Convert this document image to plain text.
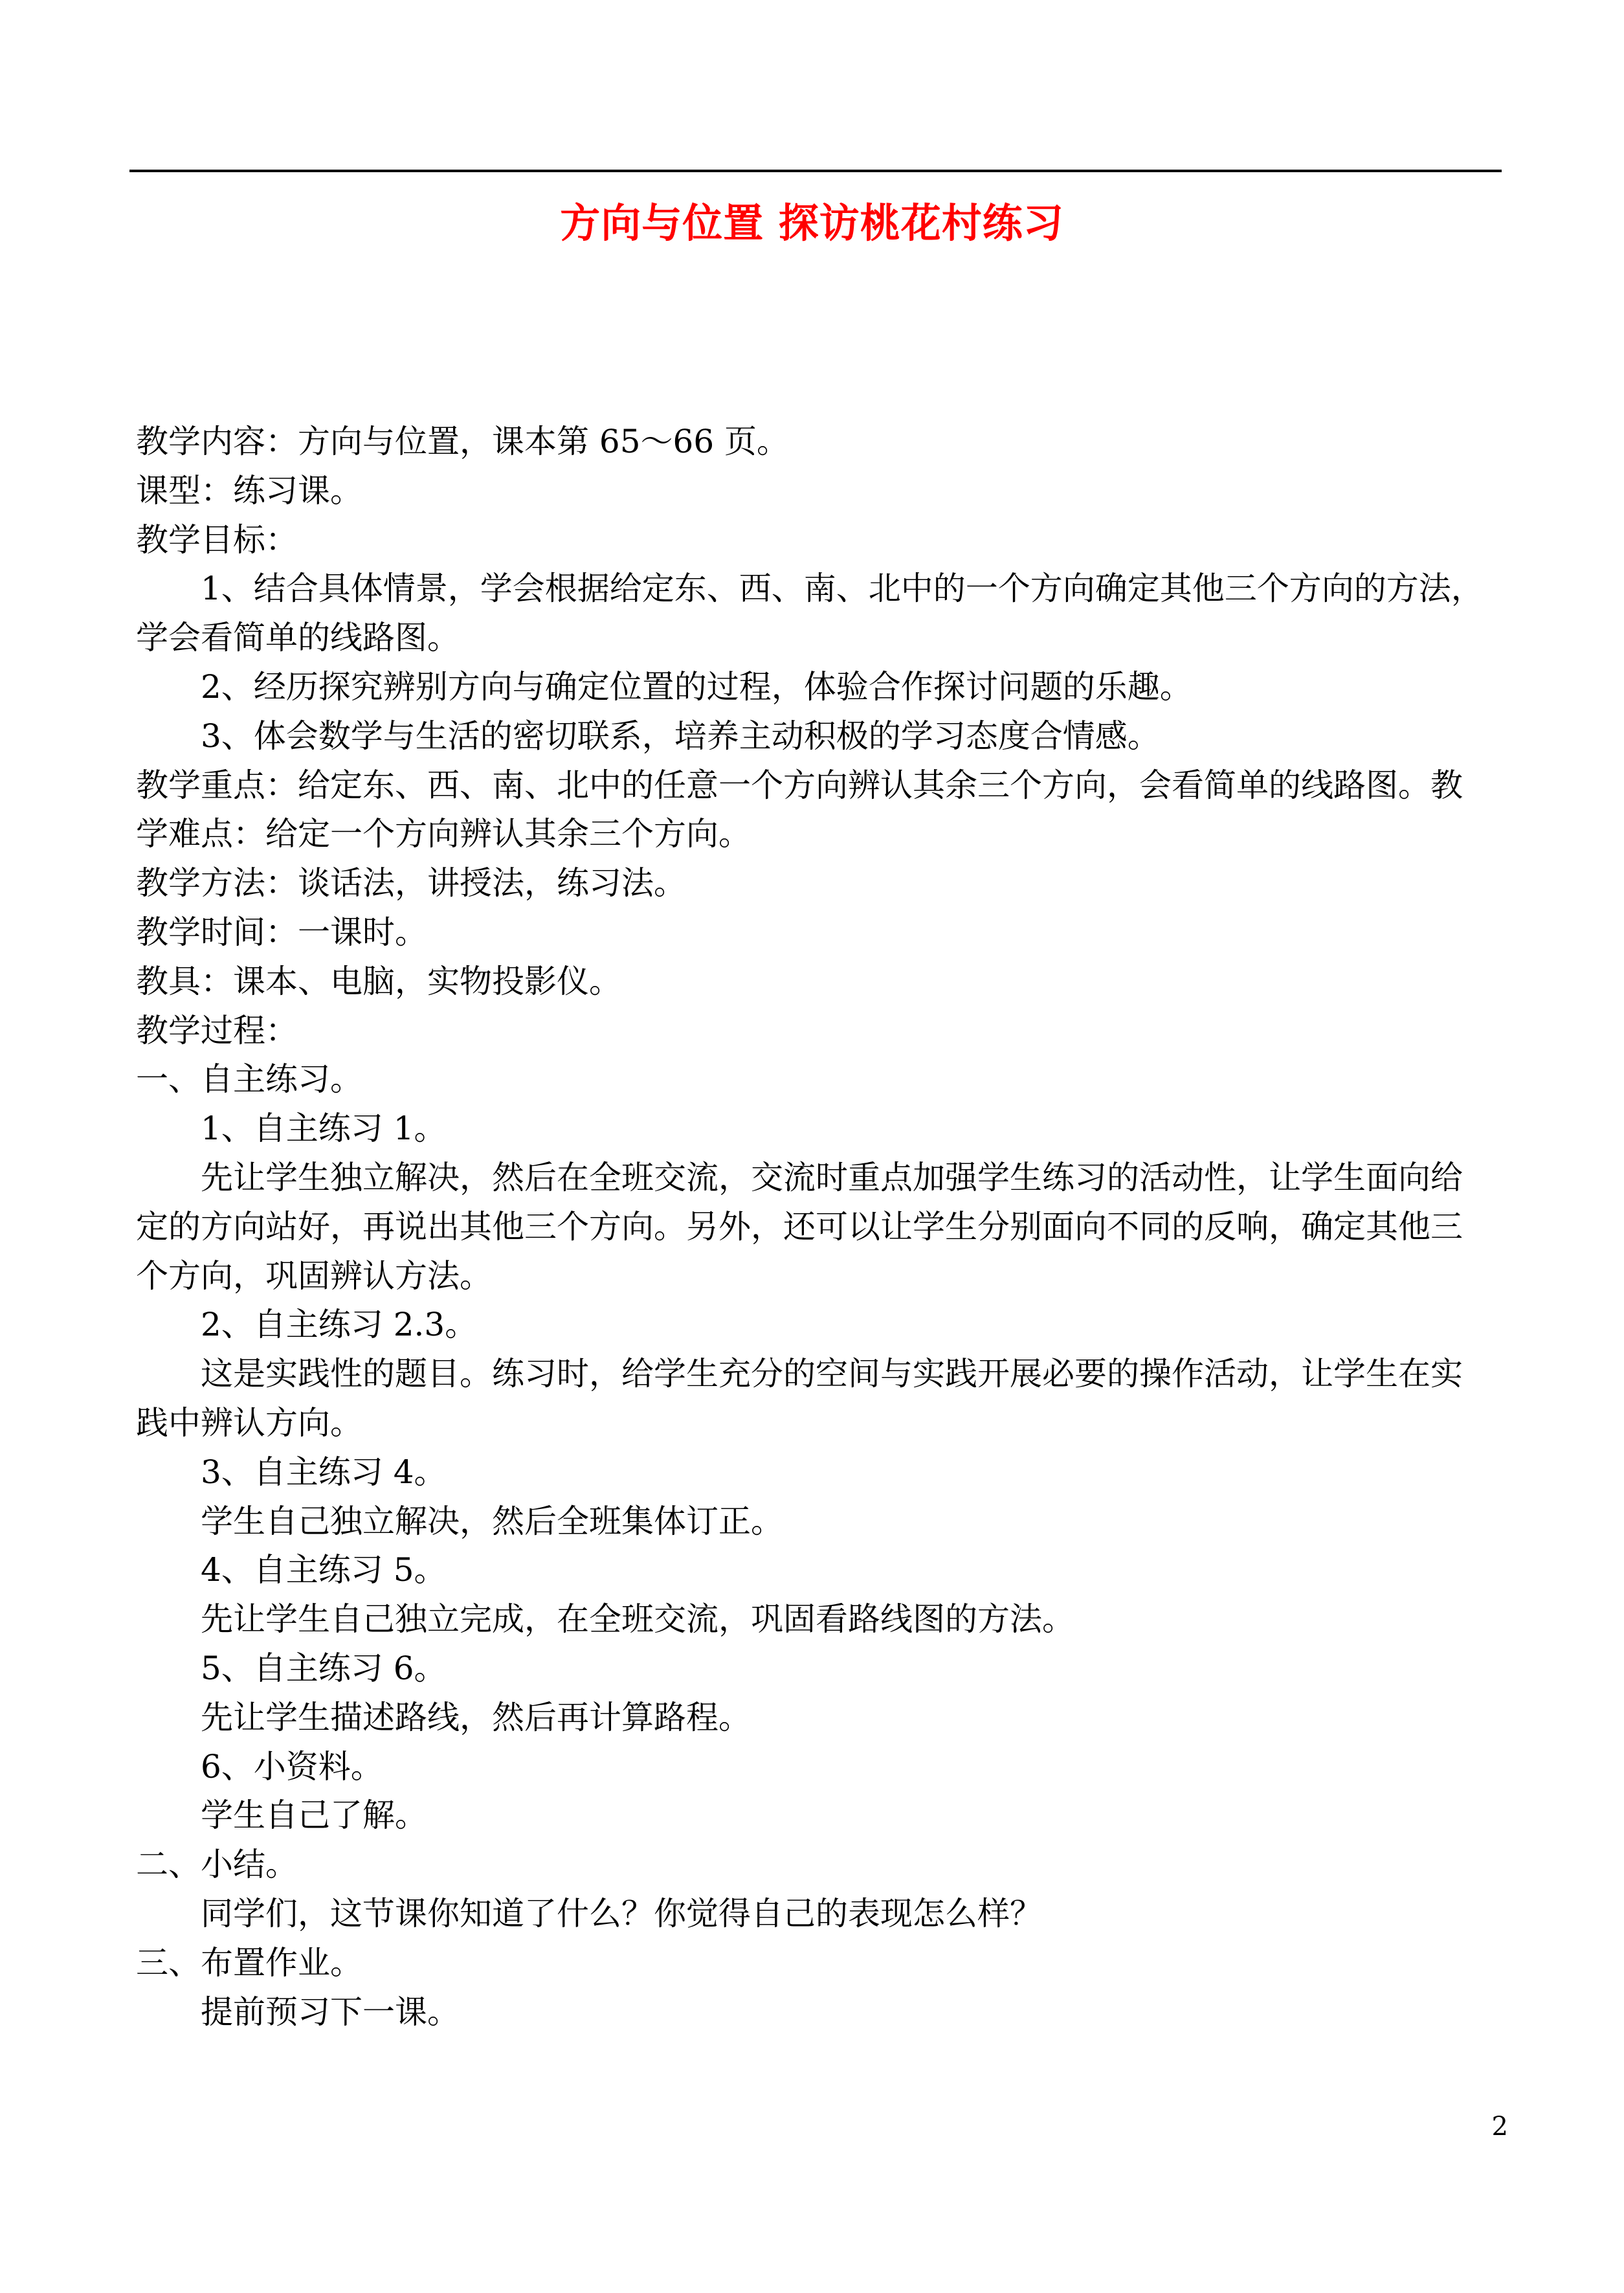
方向与位置 探访桃花村练习
教学内容：方向与位置，课本第 65～66 页。
课型：练习课。
教学目标：
1、结合具体情景，学会根据给定东、西、南、北中的一个方向确定其他三个方向的方法，
学会看简单的线路图。
2、经历探究辨别方向与确定位置的过程，体验合作探讨问题的乐趣。
3、体会数学与生活的密切联系，培养主动积极的学习态度合情感。
教学重点：给定东、西、南、北中的任意一个方向辨认其余三个方向，会看简单的线路图。教
学难点：给定一个方向辨认其余三个方向。
教学方法：谈话法，讲授法，练习法。
教学时间：一课时。
教具：课本、电脑，实物投影仪。
教学过程：
一、自主练习。
1、自主练习 1。
先让学生独立解决，然后在全班交流，交流时重点加强学生练习的活动性，让学生面向给
定的方向站好，再说出其他三个方向。另外，还可以让学生分别面向不同的反响，确定其他三
个方向，巩固辨认方法。
2、自主练习 2.3。
这是实践性的题目。练习时，给学生充分的空间与实践开展必要的操作活动，让学生在实
践中辨认方向。
3、自主练习 4。
学生自己独立解决，然后全班集体订正。
4、自主练习 5。
先让学生自己独立完成，在全班交流，巩固看路线图的方法。
5、自主练习 6。
先让学生描述路线，然后再计算路程。
6、小资料。
学生自己了解。
二、小结。
同学们，这节课你知道了什么？你觉得自己的表现怎么样？
三、布置作业。
提前预习下一课。
2
